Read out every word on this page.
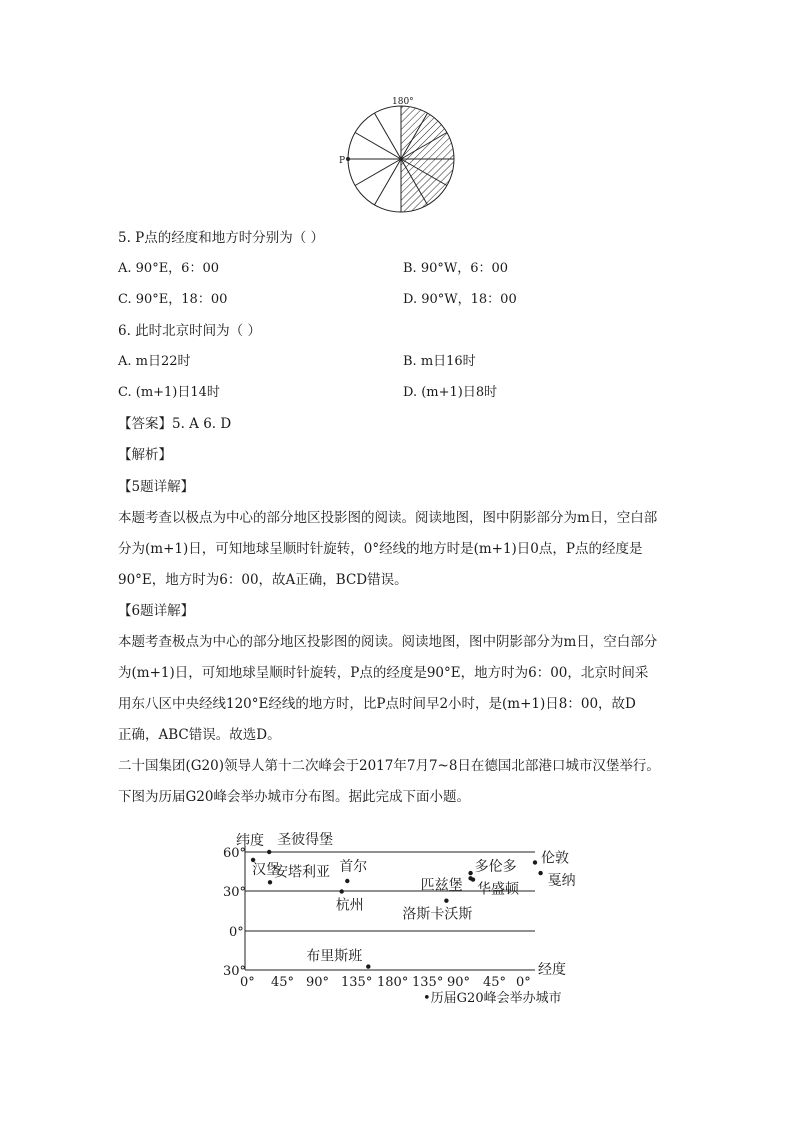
180°
P
5. P点的经度和地方时分别为（ ）
A. 90°E，6：00	B. 90°W，6：00
C. 90°E，18：00	D. 90°W，18：00
6. 此时北京时间为（ ）
A. m日22时	B. m日16时
C. (m+1)日14时	D. (m+1)日8时
【答案】5. A 6. D
【解析】
【5题详解】
本题考查以极点为中心的部分地区投影图的阅读。阅读地图，图中阴影部分为m日，空白部
分为(m+1)日，可知地球呈顺时针旋转，0°经线的地方时是(m+1)日0点，P点的经度是
90°E，地方时为6：00，故A正确，BCD错误。
【6题详解】
本题考查极点为中心的部分地区投影图的阅读。阅读地图，图中阴影部分为m日，空白部分
为(m+1)日，可知地球呈顺时针旋转，P点的经度是90°E，地方时为6：00，北京时间采
用东八区中央经线120°E经线的地方时，比P点时间早2小时，是(m+1)日8：00，故D
正确，ABC错误。故选D。
二十国集团(G20)领导人第十二次峰会于2017年7月7~8日在德国北部港口城市汉堡举行。
下图为历届G20峰会举办城市分布图。据此完成下面小题。
纬度
60°
30°
0°
30°
0° 45° 90° 135° 180° 135° 90° 45° 0°
经度
•历届G20峰会举办城市
圣彼得堡
汉堡
安塔利亚 首尔
杭州
布里斯班
匹兹堡
多伦多
华盛顿
洛斯卡沃斯
伦敦
戛纳
